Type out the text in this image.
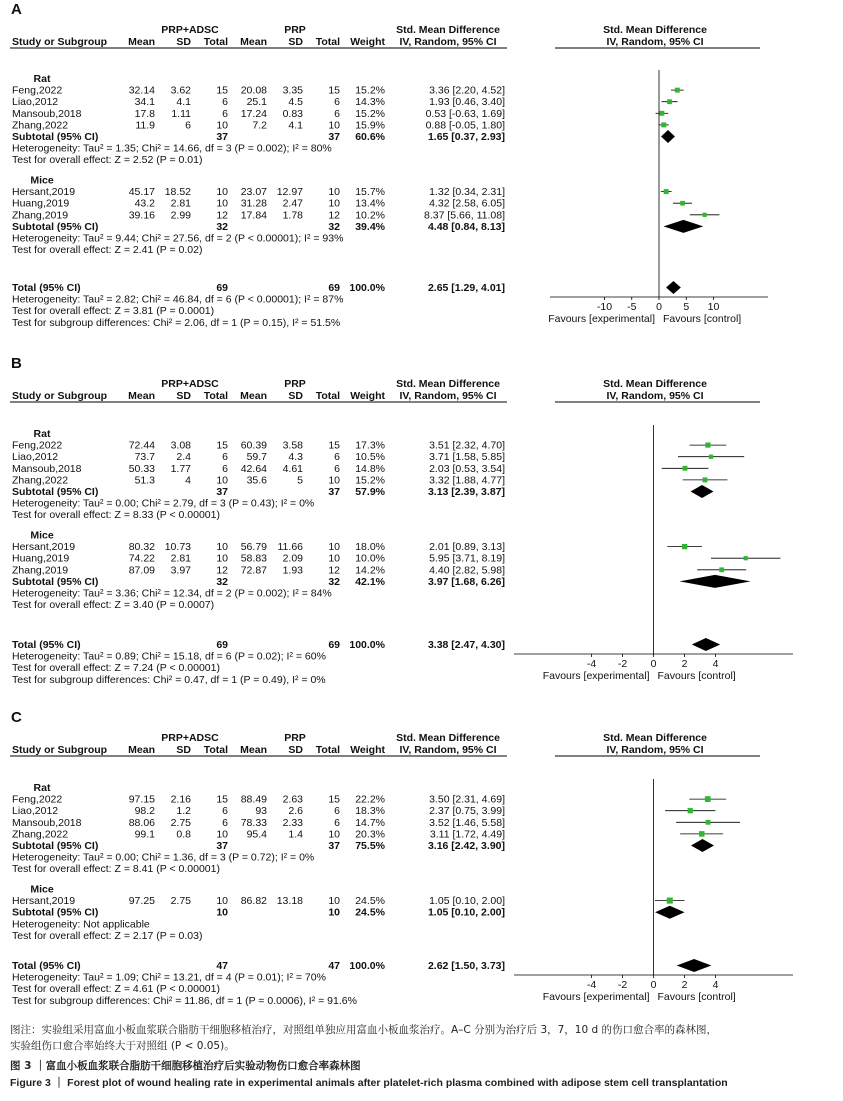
A
PRP+ADSC	PRP	Std. Mean Difference	Std. Mean Difference
Study or Subgroup Mean SD Total Mean SD Total Weight IV, Random, 95% CI	IV, Random, 95% CI
Rat
Feng,2022	32.14 3.62 15 20.08 3.35 15 15.2%	3.36 [2.20, 4.52]
Liao,2012	34.1 4.1	6 25.1 4.5	6 14.3%	1.93 [0.46, 3.40]
Mansoub,2018	17.8 1.11	6 17.24 0.83	6 15.2%	0.53 [-0.63, 1.69]
Zhang,2022	11.9	6 10 7.2 4.1 10 15.9%	0.88 [-0.05, 1.80]
Subtotal (95% CI)	37	37 60.6%	1.65 [0.37, 2.93]
Heterogeneity: Tau² = 1.35; Chi² = 14.66, df = 3 (P = 0.002); I² = 80%
Test for overall effect: Z = 2.52 (P = 0.01)
Mice
Hersant,2019	45.17 18.52 10 23.07 12.97 10 15.7%	1.32 [0.34, 2.31]
Huang,2019	43.2 2.81 10 31.28 2.47 10 13.4%	4.32 [2.58, 6.05]
Zhang,2019	39.16 2.99 12 17.84 1.78 12 10.2%	8.37 [5.66, 11.08]
Subtotal (95% CI)	32	32 39.4%	4.48 [0.84, 8.13]
Heterogeneity: Tau² = 9.44; Chi² = 27.56, df = 2 (P < 0.00001); I² = 93%
Test for overall effect: Z = 2.41 (P = 0.02)
Total (95% CI)	69	69 100.0%	2.65 [1.29, 4.01]
Heterogeneity: Tau² = 2.82; Chi² = 46.84, df = 6 (P < 0.00001); I² = 87%
Test for overall effect: Z = 3.81 (P = 0.0001)
Test for subgroup differences: Chi² = 2.06, df = 1 (P = 0.15), I² = 51.5%
-10 -5 0 5 10
Favours [experimental] Favours [control]
B
PRP+ADSC	PRP	Std. Mean Difference	Std. Mean Difference
Study or Subgroup Mean SD Total Mean SD Total Weight IV, Random, 95% CI	IV, Random, 95% CI
Rat
Feng,2022	72.44 3.08 15 60.39 3.58 15 17.3%	3.51 [2.32, 4.70]
Liao,2012	73.7 2.4	6 59.7 4.3	6 10.5%	3.71 [1.58, 5.85]
Mansoub,2018	50.33 1.77	6 42.64 4.61	6 14.8%	2.03 [0.53, 3.54]
Zhang,2022	51.3	4 10 35.6	5 10 15.2%	3.32 [1.88, 4.77]
Subtotal (95% CI)	37	37 57.9%	3.13 [2.39, 3.87]
Heterogeneity: Tau² = 0.00; Chi² = 2.79, df = 3 (P = 0.43); I² = 0%
Test for overall effect: Z = 8.33 (P < 0.00001)
Mice
Hersant,2019	80.32 10.73 10 56.79 11.66 10 18.0%	2.01 [0.89, 3.13]
Huang,2019	74.22 2.81 10 58.83 2.09 10 10.0%	5.95 [3.71, 8.19]
Zhang,2019	87.09 3.97 12 72.87 1.93 12 14.2%	4.40 [2.82, 5.98]
Subtotal (95% CI)	32	32 42.1%	3.97 [1.68, 6.26]
Heterogeneity: Tau² = 3.36; Chi² = 12.34, df = 2 (P = 0.002); I² = 84%
Test for overall effect: Z = 3.40 (P = 0.0007)
Total (95% CI)	69	69 100.0%	3.38 [2.47, 4.30]
Heterogeneity: Tau² = 0.89; Chi² = 15.18, df = 6 (P = 0.02); I² = 60%
Test for overall effect: Z = 7.24 (P < 0.00001)
Test for subgroup differences: Chi² = 0.47, df = 1 (P = 0.49), I² = 0%
-4 -2 0 2 4
Favours [experimental] Favours [control]
C
PRP+ADSC	PRP	Std. Mean Difference	Std. Mean Difference
Study or Subgroup Mean SD Total Mean SD Total Weight IV, Random, 95% CI	IV, Random, 95% CI
Rat
Feng,2022	97.15 2.16 15 88.49 2.63 15 22.2%	3.50 [2.31, 4.69]
Liao,2012	98.2 1.2	6	93 2.6	6 18.3%	2.37 [0.75, 3.99]
Mansoub,2018	88.06 2.75	6 78.33 2.33	6 14.7%	3.52 [1.46, 5.58]
Zhang,2022	99.1 0.8 10 95.4 1.4 10 20.3%	3.11 [1.72, 4.49]
Subtotal (95% CI)	37	37 75.5%	3.16 [2.42, 3.90]
Heterogeneity: Tau² = 0.00; Chi² = 1.36, df = 3 (P = 0.72); I² = 0%
Test for overall effect: Z = 8.41 (P < 0.00001)
Mice
Hersant,2019	97.25 2.75 10 86.82 13.18 10 24.5%	1.05 [0.10, 2.00]
Subtotal (95% CI)	10	10 24.5%	1.05 [0.10, 2.00]
Heterogeneity: Not applicable
Test for overall effect: Z = 2.17 (P = 0.03)
Total (95% CI)	47	47 100.0%	2.62 [1.50, 3.73]
Heterogeneity: Tau² = 1.09; Chi² = 13.21, df = 4 (P = 0.01); I² = 70%
Test for overall effect: Z = 4.61 (P < 0.00001)
Test for subgroup differences: Chi² = 11.86, df = 1 (P = 0.0006), I² = 91.6%
-4 -2 0 2 4
Favours [experimental] Favours [control]
图注：实验组采用富血小板血浆联合脂肪干细胞移植治疗，对照组单独应用富血小板血浆治疗。A–C 分别为治疗后 3，7，10 d 的伤口愈合率的森林图，
实验组伤口愈合率始终大于对照组 (P < 0.05)。
图 3 ｜富血小板血浆联合脂肪干细胞移植治疗后实验动物伤口愈合率森林图
Figure 3 ｜ Forest plot of wound healing rate in experimental animals after platelet-rich plasma combined with adipose stem cell transplantation
